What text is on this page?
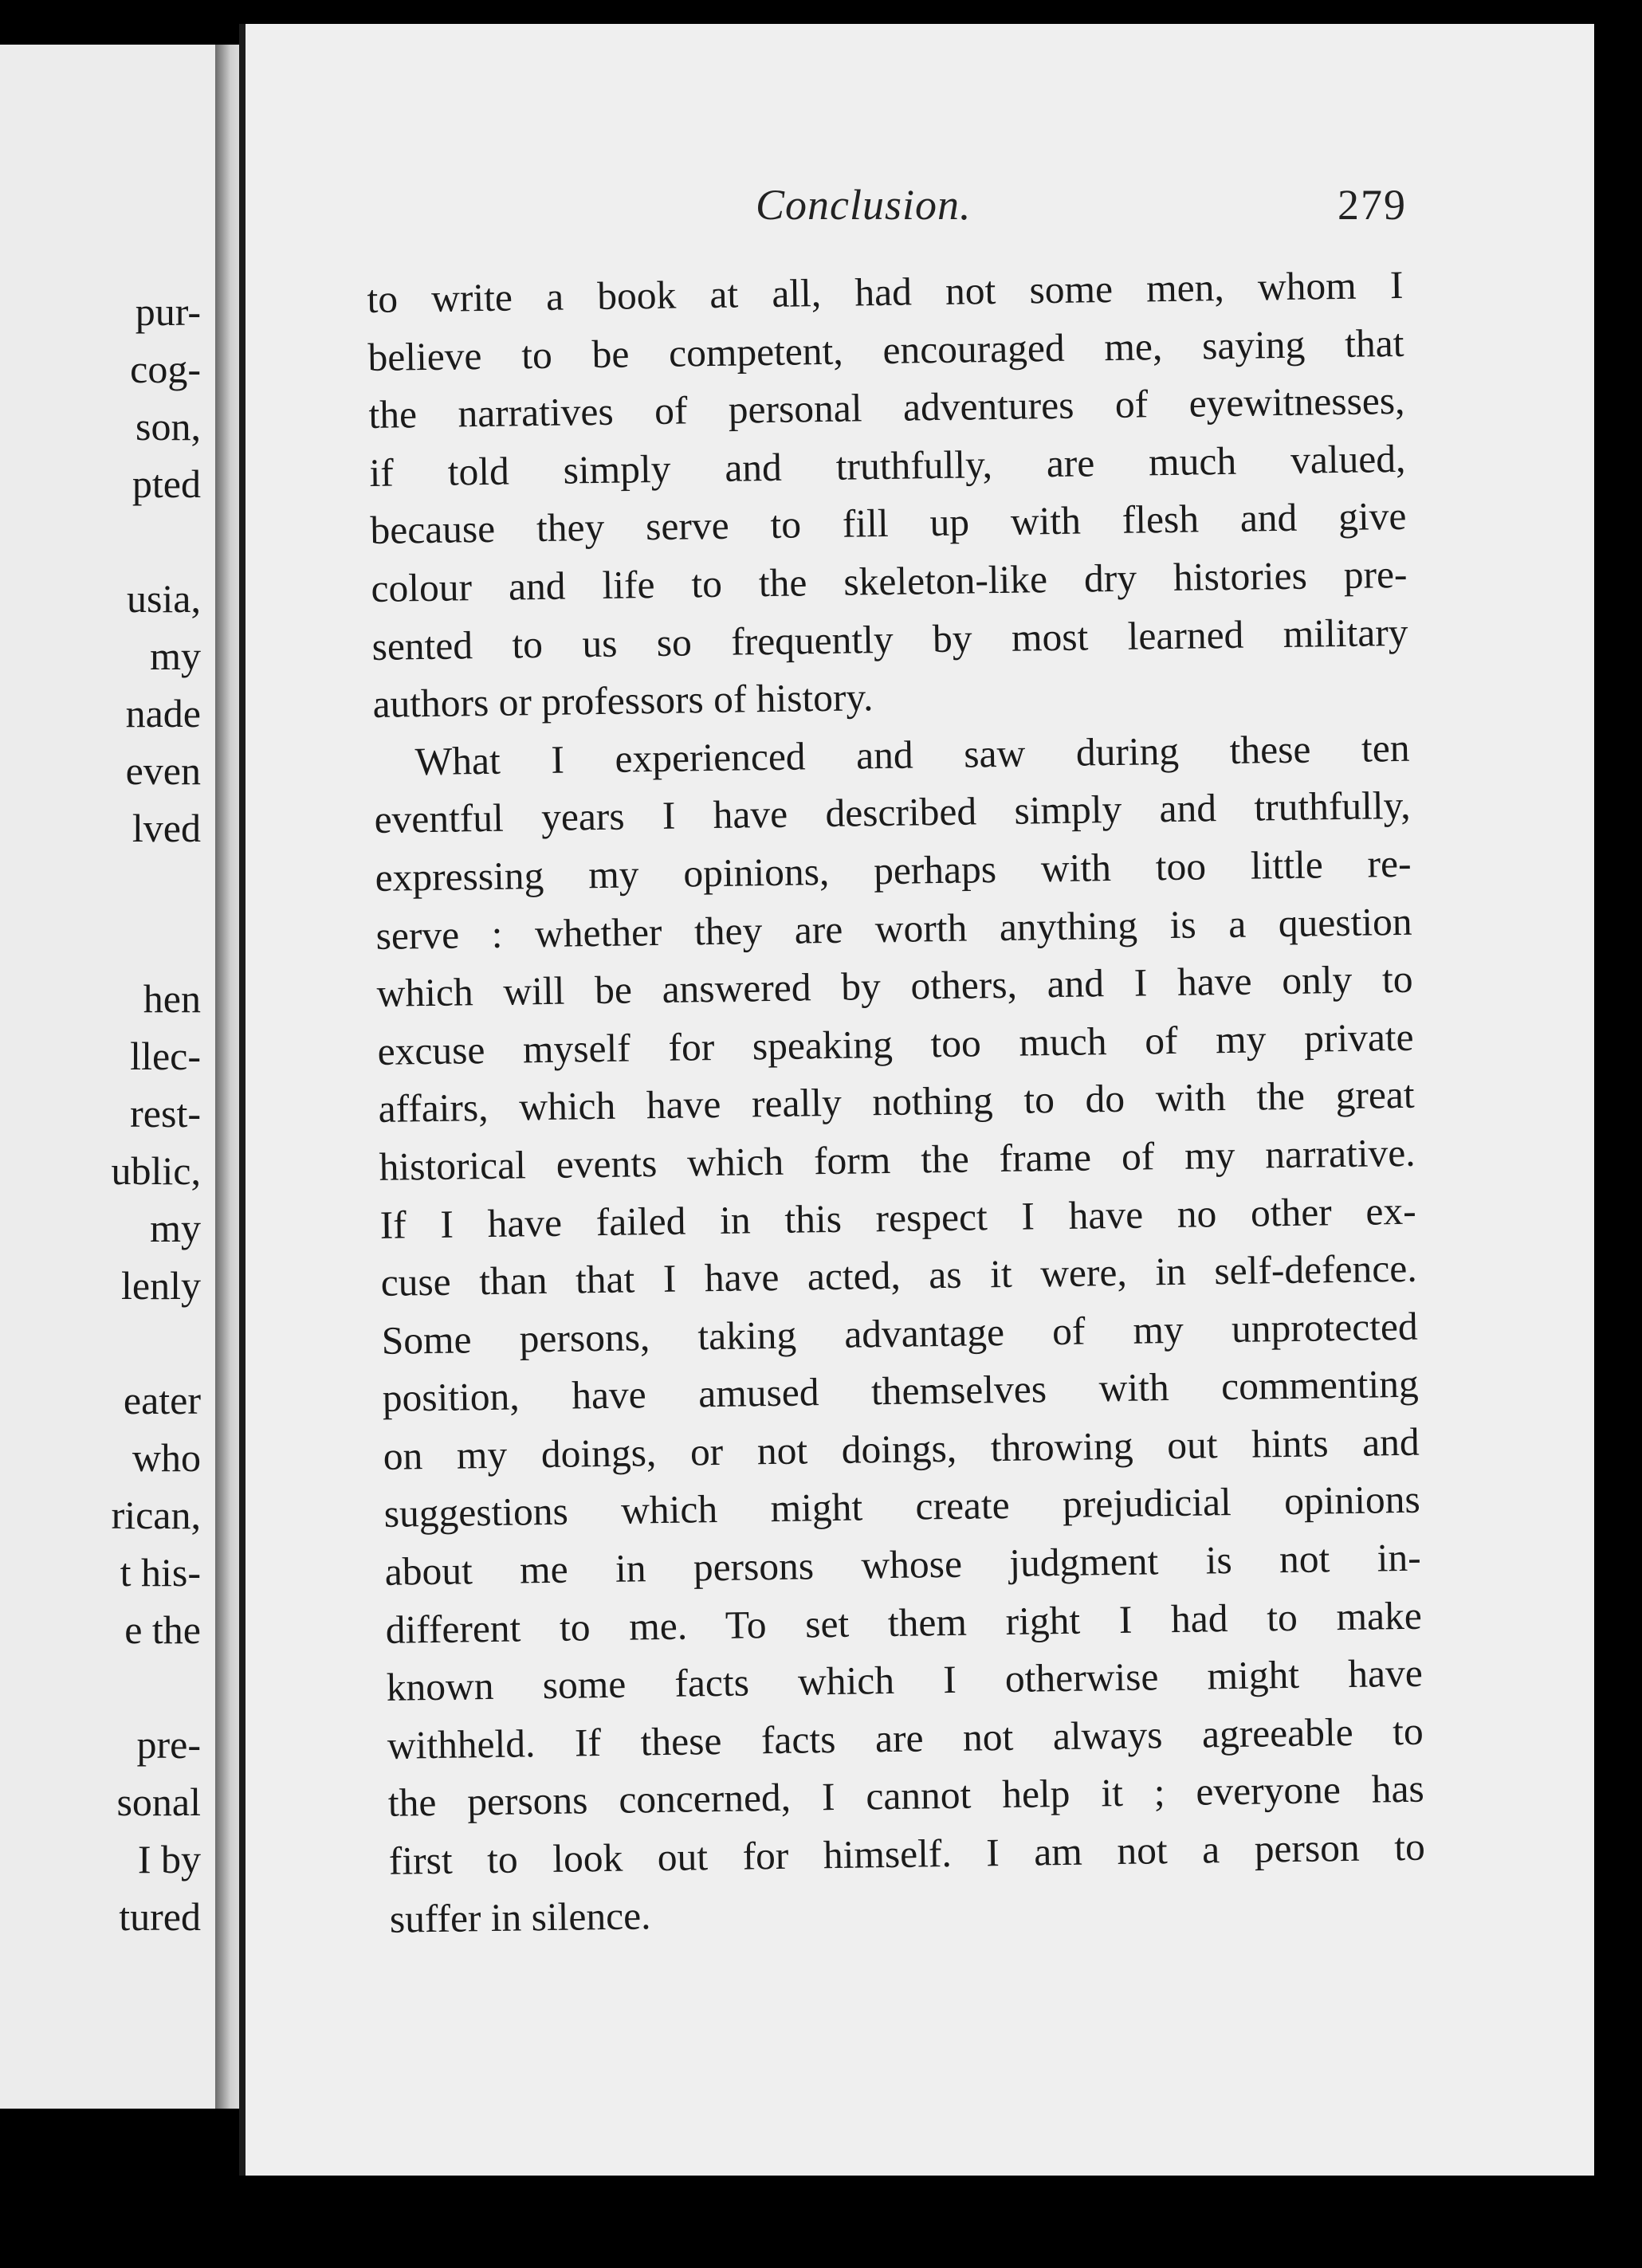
pur-
cog-
son,
pted
usia,
my
nade
even
lved
hen
llec-
rest-
ublic,
my
lenly
eater
who
rican,
t his-
e the
pre-
sonal
I by
tured
Conclusion.	279
to write a book at all, had not some men, whom I
believe to be competent, encouraged me, saying that
the narratives of personal adventures of eyewitnesses,
if told simply and truthfully, are much valued,
because they serve to fill up with flesh and give
colour and life to the skeleton-like dry histories pre-
sented to us so frequently by most learned military
authors or professors of history.
What I experienced and saw during these ten
eventful years I have described simply and truthfully,
expressing my opinions, perhaps with too little re-
serve : whether they are worth anything is a question
which will be answered by others, and I have only to
excuse myself for speaking too much of my private
affairs, which have really nothing to do with the great
historical events which form the frame of my narrative.
If I have failed in this respect I have no other ex-
cuse than that I have acted, as it were, in self-defence.
Some persons, taking advantage of my unprotected
position, have amused themselves with commenting
on my doings, or not doings, throwing out hints and
suggestions which might create prejudicial opinions
about me in persons whose judgment is not in-
different to me. To set them right I had to make
known some facts which I otherwise might have
withheld. If these facts are not always agreeable to
the persons concerned, I cannot help it ; everyone has
first to look out for himself. I am not a person to
suffer in silence.
